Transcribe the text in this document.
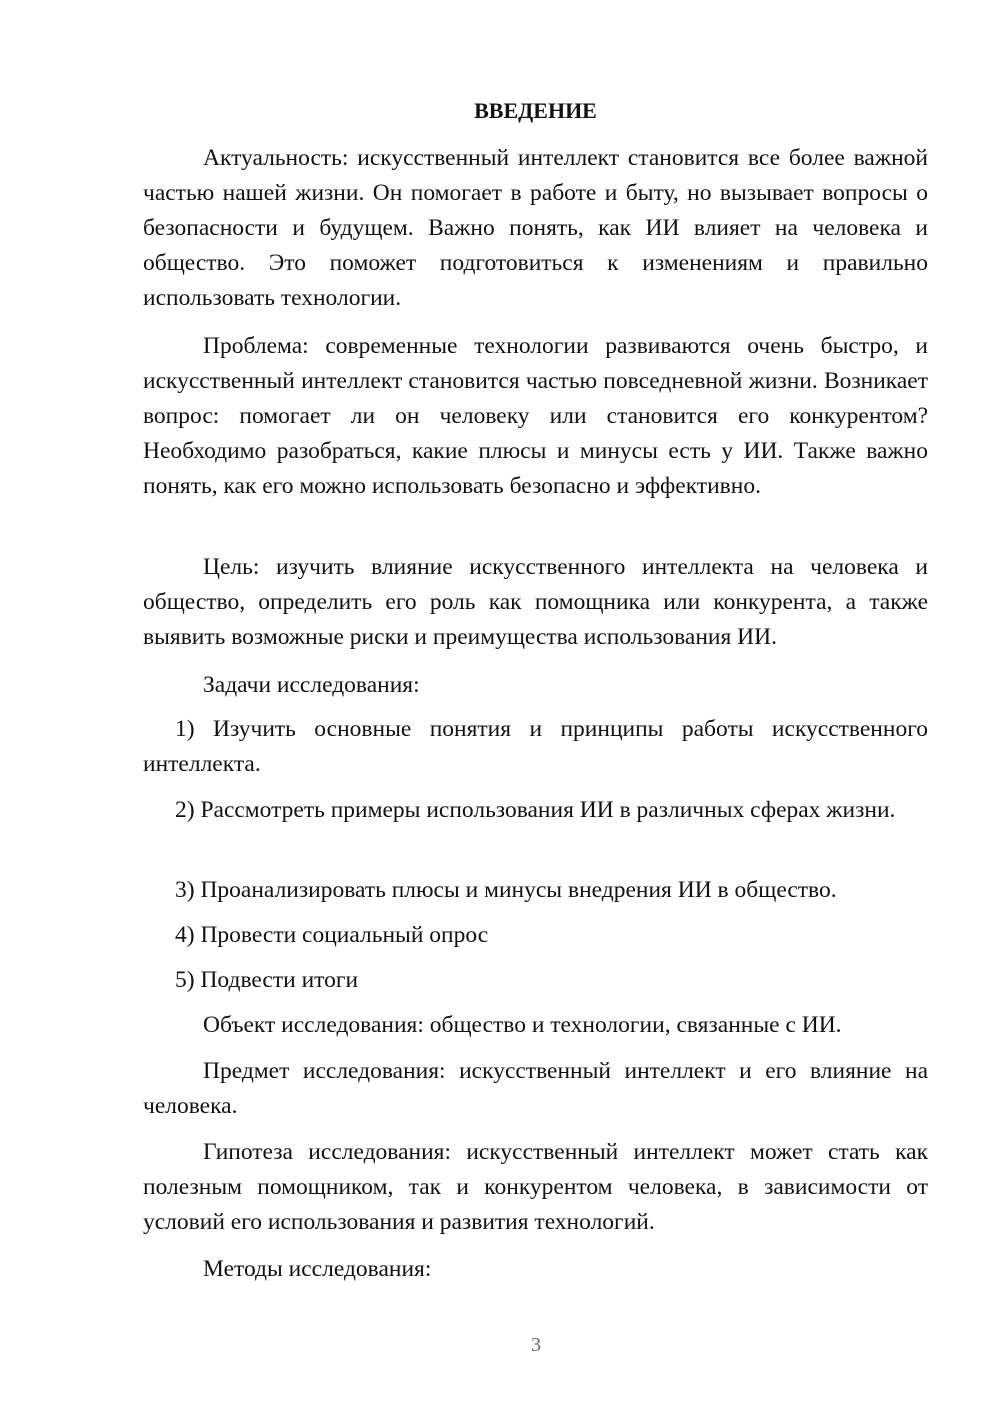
ВВЕДЕНИЕ

Актуальность: искусственный интеллект становится все более важной частью нашей жизни. Он помогает в работе и быту, но вызывает вопросы о безопасности и будущем. Важно понять, как ИИ влияет на человека и общество. Это поможет подготовиться к изменениям и правильно использовать технологии.

Проблема: современные технологии развиваются очень быстро, и искусственный интеллект становится частью повседневной жизни. Возникает вопрос: помогает ли он человеку или становится его конкурентом? Необходимо разобраться, какие плюсы и минусы есть у ИИ. Также важно понять, как его можно использовать безопасно и эффективно.

Цель: изучить влияние искусственного интеллекта на человека и общество, определить его роль как помощника или конкурента, а также выявить возможные риски и преимущества использования ИИ.

Задачи исследования:

1) Изучить основные понятия и принципы работы искусственного интеллекта.

2) Рассмотреть примеры использования ИИ в различных сферах жизни.

3) Проанализировать плюсы и минусы внедрения ИИ в общество.

4) Провести социальный опрос

5) Подвести итоги

Объект исследования: общество и технологии, связанные с ИИ.

Предмет исследования: искусственный интеллект и его влияние на человека.

Гипотеза исследования: искусственный интеллект может стать как полезным помощником, так и конкурентом человека, в зависимости от условий его использования и развития технологий.

Методы исследования:

3
